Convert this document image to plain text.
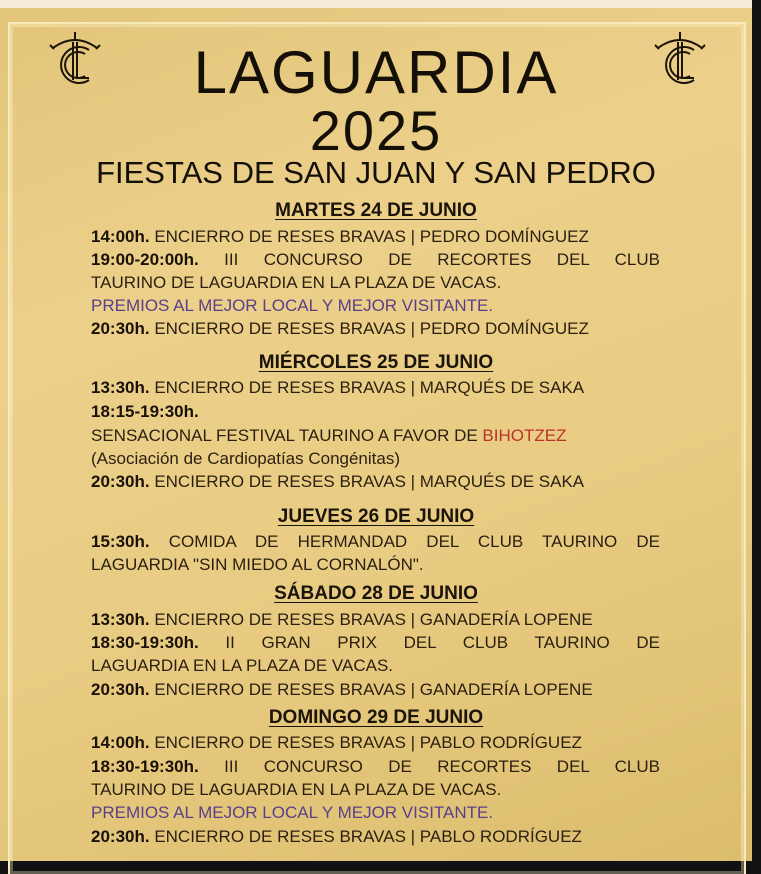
LAGUARDIA
2025
FIESTAS DE SAN JUAN Y SAN PEDRO
MARTES 24 DE JUNIO
14:00h. ENCIERRO DE RESES BRAVAS | PEDRO DOMÍNGUEZ
19:00-20:00h. III CONCURSO DE RECORTES DEL CLUB
TAURINO DE LAGUARDIA EN LA PLAZA DE VACAS.
PREMIOS AL MEJOR LOCAL Y MEJOR VISITANTE.
20:30h. ENCIERRO DE RESES BRAVAS | PEDRO DOMÍNGUEZ
MIÉRCOLES 25 DE JUNIO
13:30h. ENCIERRO DE RESES BRAVAS | MARQUÉS DE SAKA
18:15-19:30h.
SENSACIONAL FESTIVAL TAURINO A FAVOR DE BIHOTZEZ
(Asociación de Cardiopatías Congénitas)
20:30h. ENCIERRO DE RESES BRAVAS | MARQUÉS DE SAKA
JUEVES 26 DE JUNIO
15:30h. COMIDA DE HERMANDAD DEL CLUB TAURINO DE
LAGUARDIA "SIN MIEDO AL CORNALÓN".
SÁBADO 28 DE JUNIO
13:30h. ENCIERRO DE RESES BRAVAS | GANADERÍA LOPENE
18:30-19:30h. II GRAN PRIX DEL CLUB TAURINO DE
LAGUARDIA EN LA PLAZA DE VACAS.
20:30h. ENCIERRO DE RESES BRAVAS | GANADERÍA LOPENE
DOMINGO 29 DE JUNIO
14:00h. ENCIERRO DE RESES BRAVAS | PABLO RODRÍGUEZ
18:30-19:30h. III CONCURSO DE RECORTES DEL CLUB
TAURINO DE LAGUARDIA EN LA PLAZA DE VACAS.
PREMIOS AL MEJOR LOCAL Y MEJOR VISITANTE.
20:30h. ENCIERRO DE RESES BRAVAS | PABLO RODRÍGUEZ
